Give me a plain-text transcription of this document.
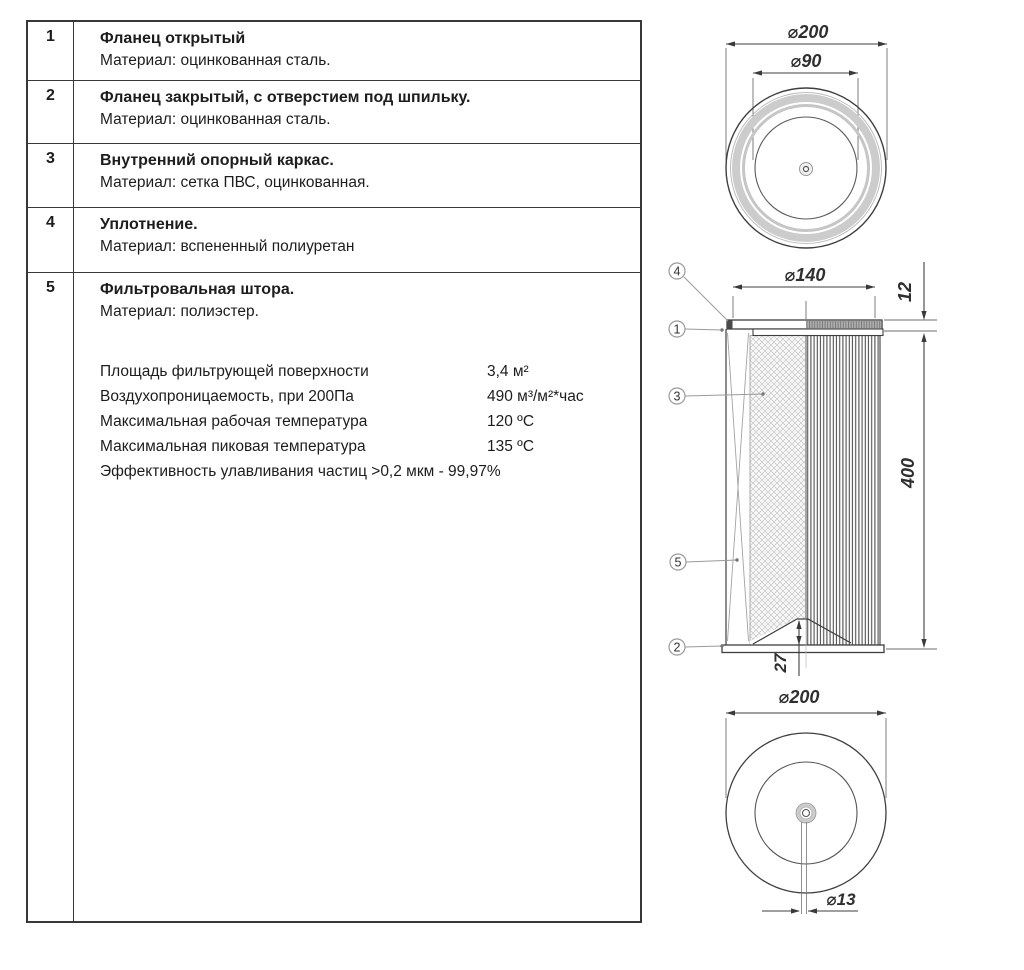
1	Фланец открытый
Материал: оцинкованная сталь.
2	Фланец закрытый, с отверстием под шпильку.
Материал: оцинкованная сталь.
3	Внутренний опорный каркас.
Материал: сетка ПВС, оцинкованная.
4	Уплотнение.
Материал: вспененный полиуретан
5	Фильтровальная штора.
Материал: полиэстер.
Площадь фильтрующей поверхности	3,4 м²
Воздухопроницаемость, при 200Па	490 м³/м²*час
Максимальная рабочая температура	120 ºС
Максимальная пиковая температура	135 ºС
Эффективность улавливания частиц >0,2 мкм - 99,97%
⌀200
⌀90
⌀140
4
1
3
5
2
12
400
27
⌀200
⌀13
